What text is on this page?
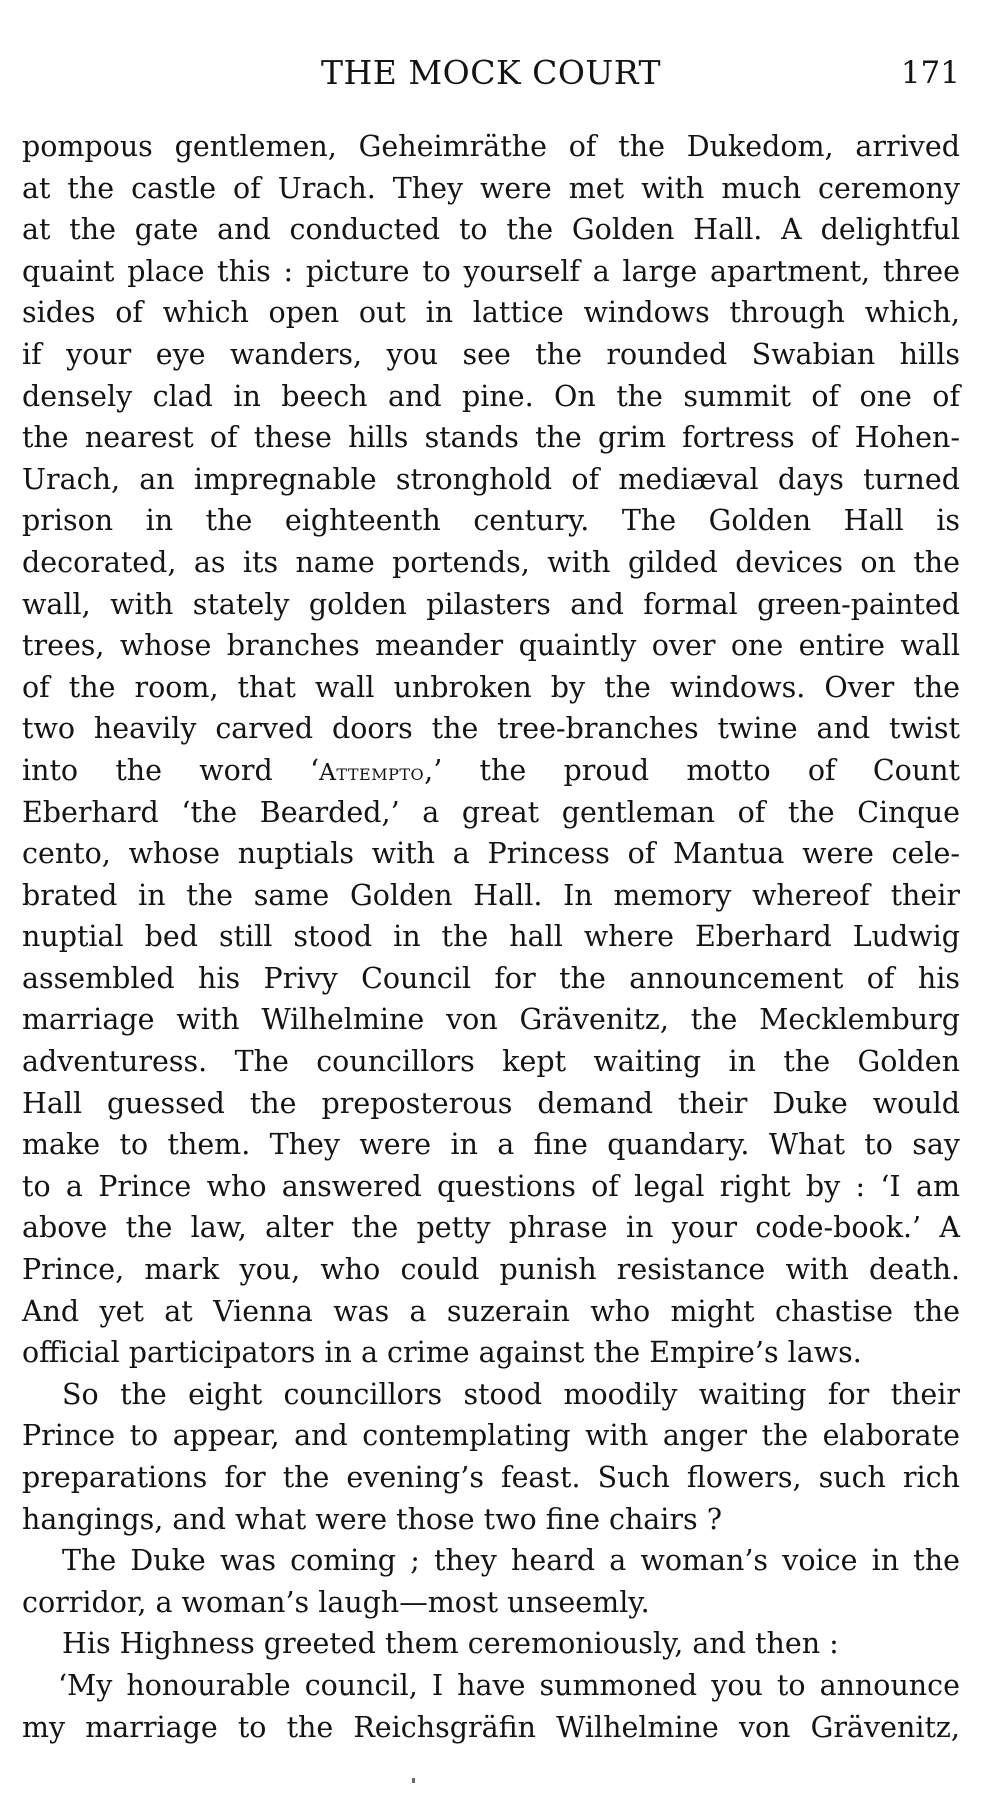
THE MOCK COURT	171
pompous gentlemen, Geheimräthe of the Dukedom, arrived
at the castle of Urach. They were met with much ceremony
at the gate and conducted to the Golden Hall. A delightful
quaint place this : picture to yourself a large apartment, three
sides of which open out in lattice windows through which,
if your eye wanders, you see the rounded Swabian hills
densely clad in beech and pine. On the summit of one of
the nearest of these hills stands the grim fortress of Hohen-
Urach, an impregnable stronghold of mediæval days turned
prison in the eighteenth century. The Golden Hall is
decorated, as its name portends, with gilded devices on the
wall, with stately golden pilasters and formal green-painted
trees, whose branches meander quaintly over one entire wall
of the room, that wall unbroken by the windows. Over the
two heavily carved doors the tree-branches twine and twist
into the word ‘Attempto,’ the proud motto of Count
Eberhard ‘the Bearded,’ a great gentleman of the Cinque
cento, whose nuptials with a Princess of Mantua were cele-
brated in the same Golden Hall. In memory whereof their
nuptial bed still stood in the hall where Eberhard Ludwig
assembled his Privy Council for the announcement of his
marriage with Wilhelmine von Grävenitz, the Mecklemburg
adventuress. The councillors kept waiting in the Golden
Hall guessed the preposterous demand their Duke would
make to them. They were in a fine quandary. What to say
to a Prince who answered questions of legal right by : ‘I am
above the law, alter the petty phrase in your code-book.’ A
Prince, mark you, who could punish resistance with death.
And yet at Vienna was a suzerain who might chastise the
official participators in a crime against the Empire’s laws.
So the eight councillors stood moodily waiting for their
Prince to appear, and contemplating with anger the elaborate
preparations for the evening’s feast. Such flowers, such rich
hangings, and what were those two fine chairs ?
The Duke was coming ; they heard a woman’s voice in the
corridor, a woman’s laugh—most unseemly.
His Highness greeted them ceremoniously, and then :
‘My honourable council, I have summoned you to announce
my marriage to the Reichsgräfin Wilhelmine von Grävenitz,
